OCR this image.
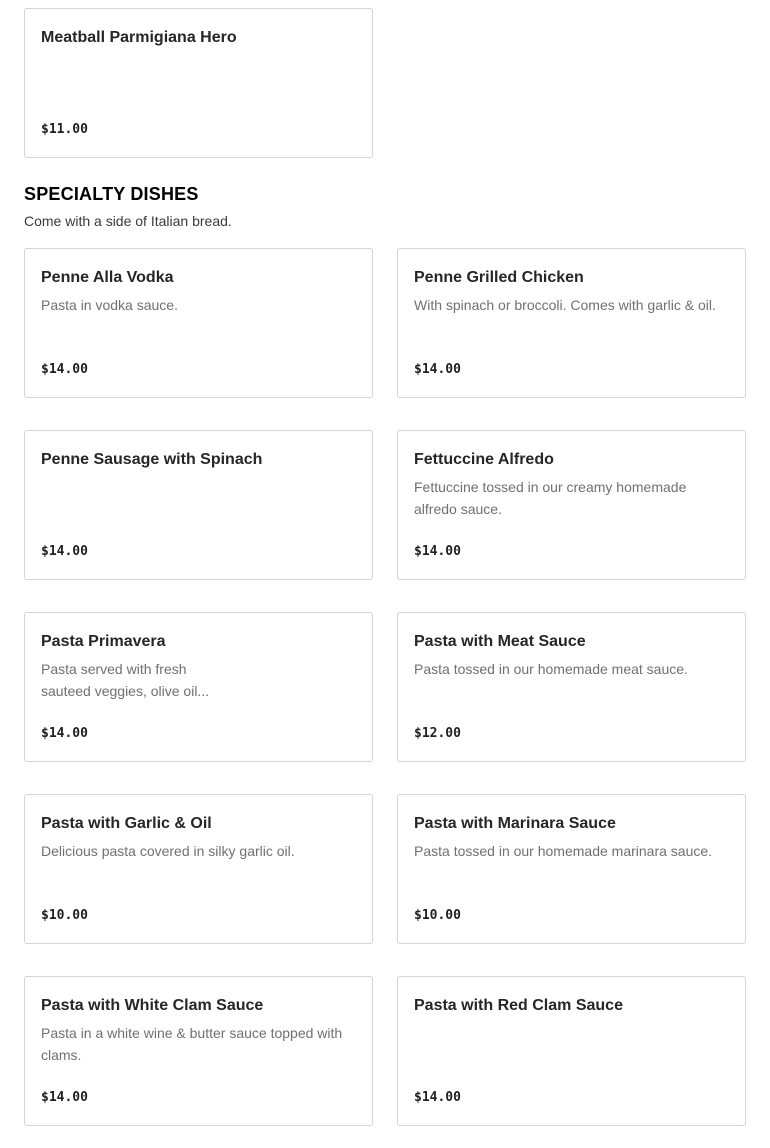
Meatball Parmigiana Hero
$11.00
SPECIALTY DISHES
Come with a side of Italian bread.
Penne Alla Vodka
Pasta in vodka sauce.
$14.00
Penne Grilled Chicken
With spinach or broccoli. Comes with garlic & oil.
$14.00
Penne Sausage with Spinach
$14.00
Fettuccine Alfredo
Fettuccine tossed in our creamy homemade alfredo sauce.
$14.00
Pasta Primavera
Pasta served with fresh sauteed veggies, olive oil...
$14.00
Pasta with Meat Sauce
Pasta tossed in our homemade meat sauce.
$12.00
Pasta with Garlic & Oil
Delicious pasta covered in silky garlic oil.
$10.00
Pasta with Marinara Sauce
Pasta tossed in our homemade marinara sauce.
$10.00
Pasta with White Clam Sauce
Pasta in a white wine & butter sauce topped with clams.
$14.00
Pasta with Red Clam Sauce
$14.00
